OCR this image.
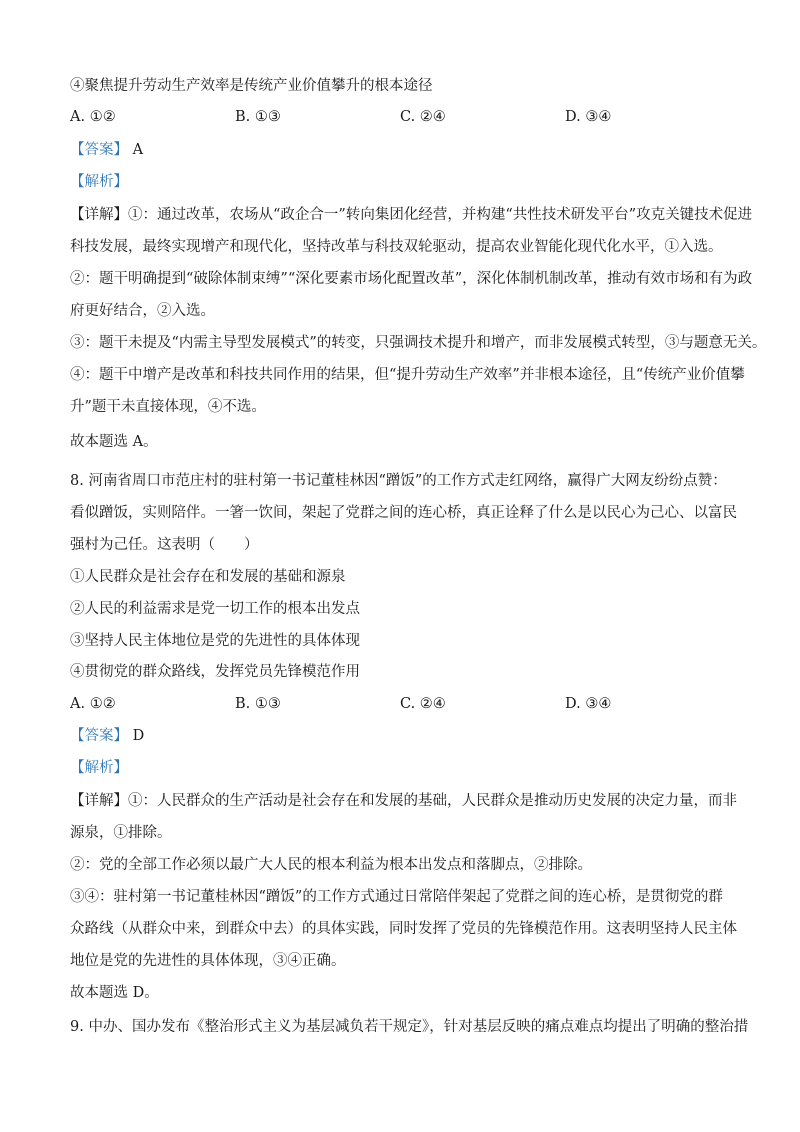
④聚焦提升劳动生产效率是传统产业价值攀升的根本途径
A. ①②	B. ①③	C. ②④	D. ③④
【答案】 A
【解析】
【详解】①：通过改革，农场从“政企合一”转向集团化经营，并构建“共性技术研发平台”攻克关键技术促进
科技发展，最终实现增产和现代化，坚持改革与科技双轮驱动，提高农业智能化现代化水平，①入选。
②：题干明确提到“破除体制束缚”“深化要素市场化配置改革”，深化体制机制改革，推动有效市场和有为政
府更好结合，②入选。
③：题干未提及“内需主导型发展模式”的转变，只强调技术提升和增产，而非发展模式转型，③与题意无关。
④：题干中增产是改革和科技共同作用的结果，但“提升劳动生产效率”并非根本途径，且“传统产业价值攀
升”题干未直接体现，④不选。
故本题选 A。
8. 河南省周口市范庄村的驻村第一书记董桂林因“蹭饭”的工作方式走红网络，赢得广大网友纷纷点赞：
看似蹭饭，实则陪伴。一箸一饮间，架起了党群之间的连心桥，真正诠释了什么是以民心为己心、以富民
强村为己任。这表明（　　）
①人民群众是社会存在和发展的基础和源泉
②人民的利益需求是党一切工作的根本出发点
③坚持人民主体地位是党的先进性的具体体现
④贯彻党的群众路线，发挥党员先锋模范作用
A. ①②	B. ①③	C. ②④	D. ③④
【答案】 D
【解析】
【详解】①：人民群众的生产活动是社会存在和发展的基础，人民群众是推动历史发展的决定力量，而非
源泉，①排除。
②：党的全部工作必须以最广大人民的根本利益为根本出发点和落脚点，②排除。
③④：驻村第一书记董桂林因“蹭饭”的工作方式通过日常陪伴架起了党群之间的连心桥，是贯彻党的群
众路线（从群众中来，到群众中去）的具体实践，同时发挥了党员的先锋模范作用。这表明坚持人民主体
地位是党的先进性的具体体现，③④正确。
故本题选 D。
9. 中办、国办发布《整治形式主义为基层减负若干规定》，针对基层反映的痛点难点均提出了明确的整治措
